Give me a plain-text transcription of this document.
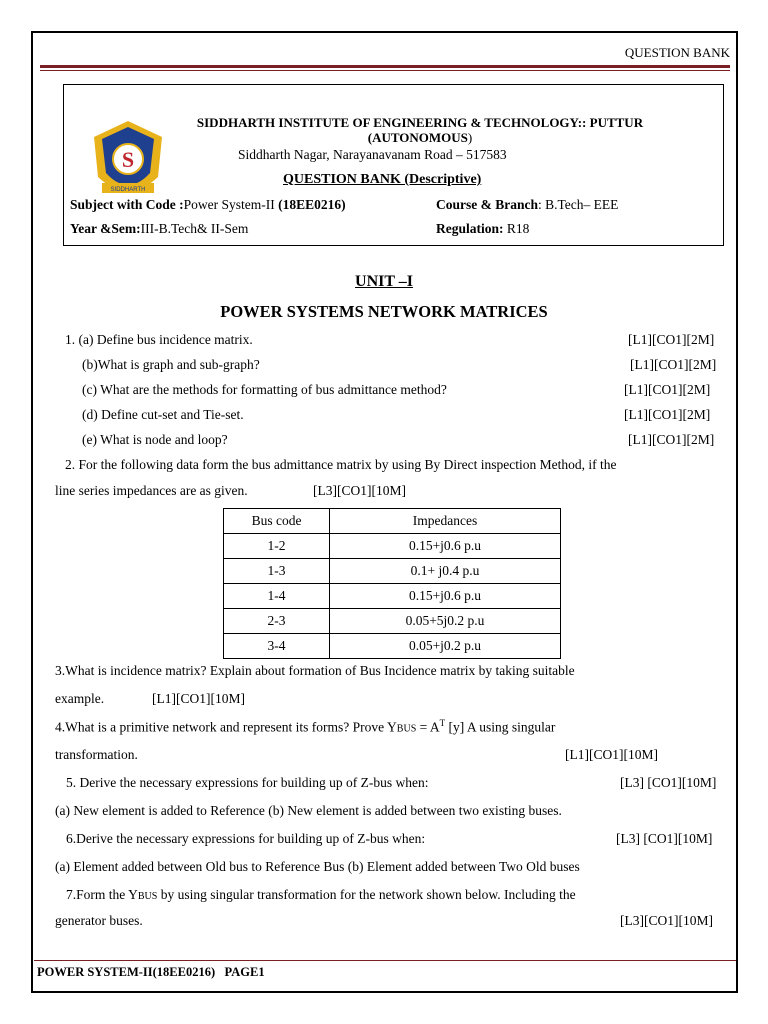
QUESTION BANK
S
SIDDHARTH
SIDDHARTH INSTITUTE OF ENGINEERING & TECHNOLOGY:: PUTTUR
(AUTONOMOUS)
Siddharth Nagar, Narayanavanam Road – 517583
QUESTION BANK (Descriptive)
Subject with Code :Power System-II (18EE0216)	Course & Branch: B.Tech– EEE
Year &Sem:III-B.Tech& II-Sem	Regulation: R18
UNIT –I
POWER SYSTEMS NETWORK MATRICES
1. (a) Define bus incidence matrix.	[L1][CO1][2M]
(b)What is graph and sub-graph?	[L1][CO1][2M]
(c) What are the methods for formatting of bus admittance method?	[L1][CO1][2M]
(d) Define cut-set and Tie-set.	[L1][CO1][2M]
(e) What is node and loop?	[L1][CO1][2M]
2. For the following data form the bus admittance matrix by using By Direct inspection Method, if the
line series impedances are as given.	[L3][CO1][10M]
Bus code	Impedances
1-2	0.15+j0.6 p.u
1-3	0.1+ j0.4 p.u
1-4	0.15+j0.6 p.u
2-3	0.05+5j0.2 p.u
3-4	0.05+j0.2 p.u
3.What is incidence matrix? Explain about formation of Bus Incidence matrix by taking suitable
example.	[L1][CO1][10M]
4.What is a primitive network and represent its forms? Prove YBUS = $A^T$ [y] A using singular
transformation.	[L1][CO1][10M]
5. Derive the necessary expressions for building up of Z-bus when:	[L3] [CO1][10M]
(a) New element is added to Reference (b) New element is added between two existing buses.
6.Derive the necessary expressions for building up of Z-bus when:	[L3] [CO1][10M]
(a) Element added between Old bus to Reference Bus (b) Element added between Two Old buses
7.Form the YBUS by using singular transformation for the network shown below. Including the
generator buses.	[L3][CO1][10M]
POWER SYSTEM-II(18EE0216)   PAGE1
